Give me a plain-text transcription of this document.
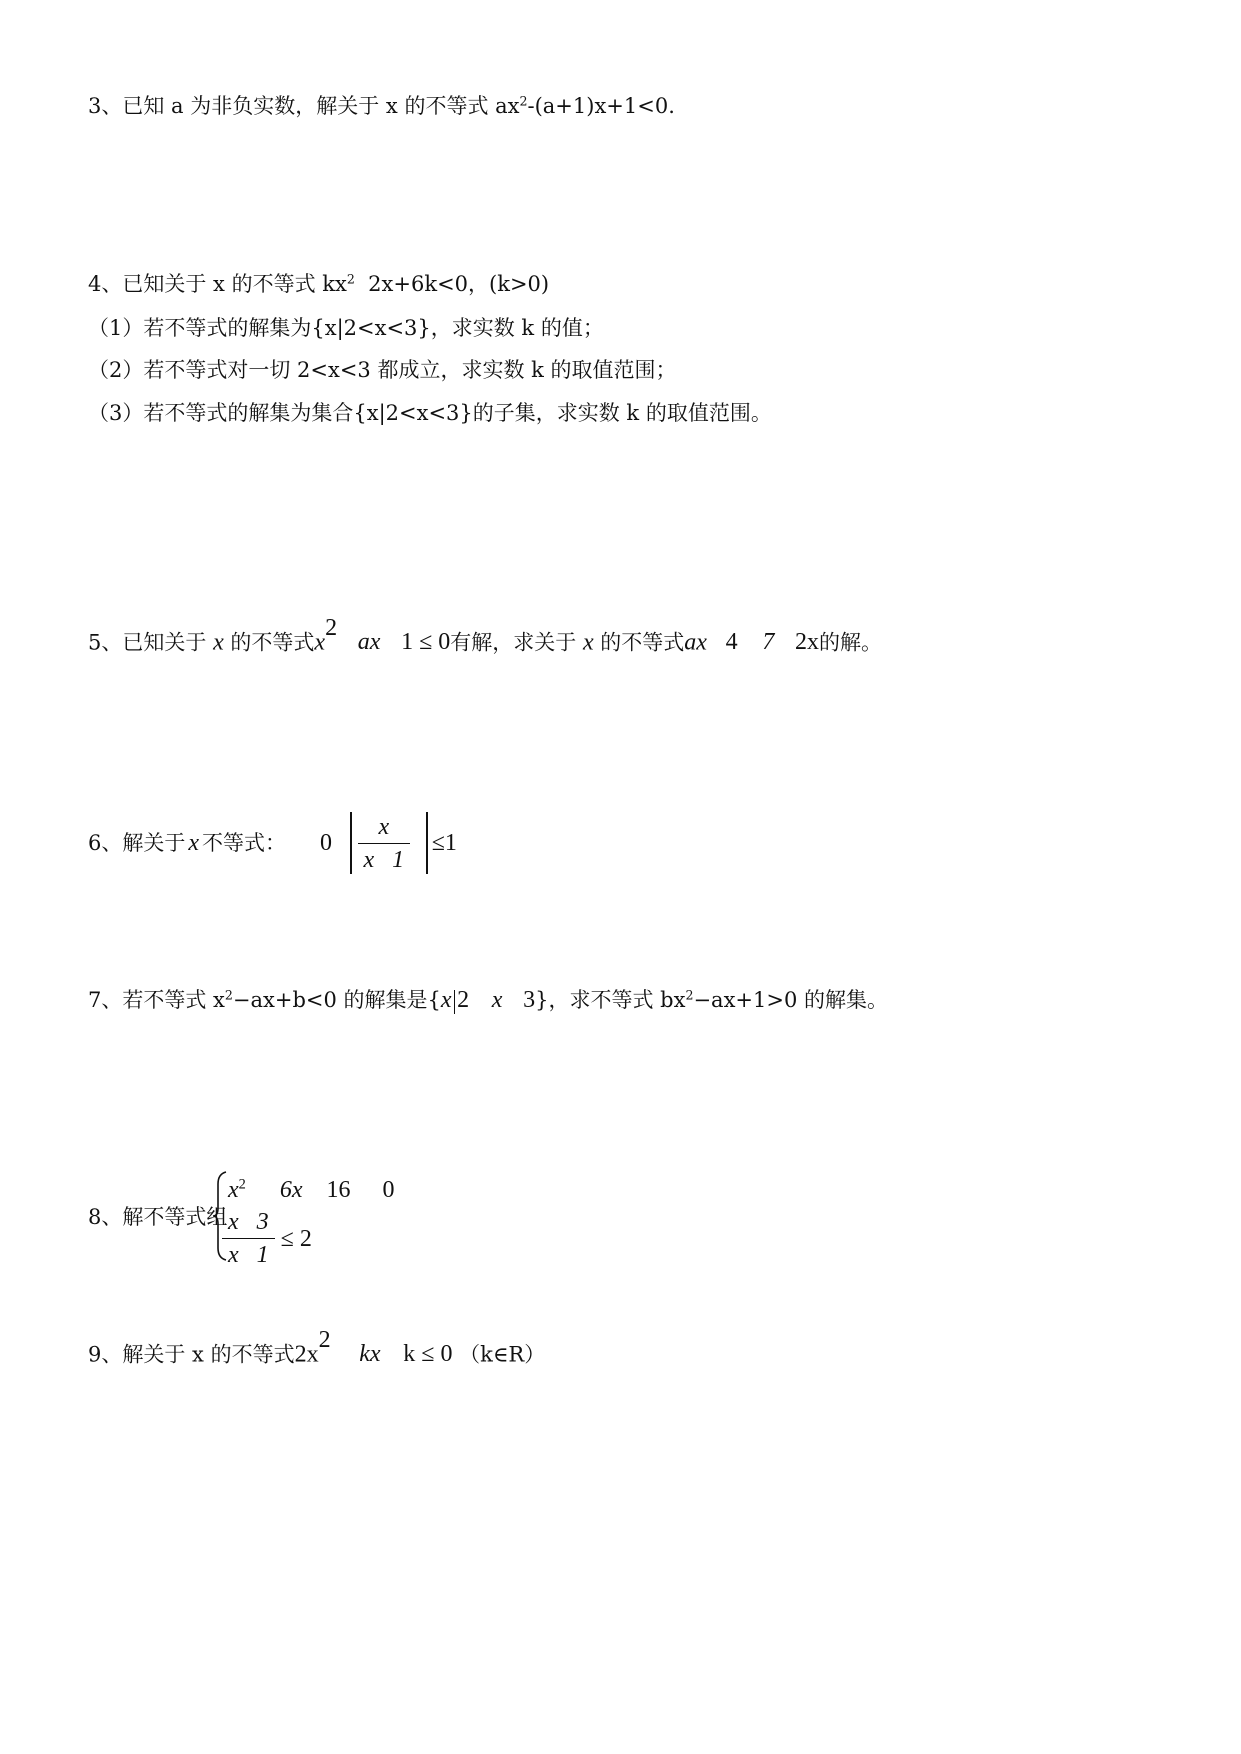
3、已知 a 为非负实数，解关于 x 的不等式 $ax^2-(a+1)x+1<0$.
4、已知关于 x 的不等式 $kx^2$  2x+6k<0，(k>0)
（1）若不等式的解集为{x|2<x<3}，求实数 k 的值；
（2）若不等式对一切 2<x<3 都成立，求实数 k 的取值范围；
（3）若不等式的解集为集合{x|2<x<3}的子集，求实数 k 的取值范围。
5、已知关于 x 的不等式$x^2$ ax 1 ≤ 0有解，求关于 x 的不等式ax 4 7 2x的解。
6、 解关于 x 不等式： $0 \frac{x}{x 1} \le 1$
7、若不等式 $x^2-ax+b<0$ 的解集是{x 2 x 3}，求不等式 $bx^2-ax+1>0$ 的解集。
8、解不等式组
$x^2$ 6x 16 0
$\frac{x 3}{x 1} \le 2$
9、解关于 x 的不等式$2x^2$ kx k ≤ 0 （k∈R）
